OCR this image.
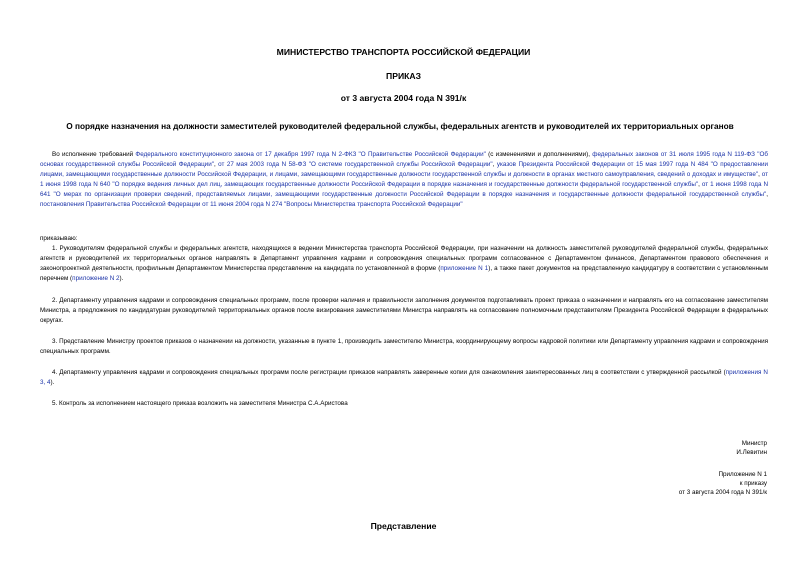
МИНИСТЕРСТВО ТРАНСПОРТА РОССИЙСКОЙ ФЕДЕРАЦИИ
ПРИКАЗ
от 3 августа 2004 года N 391/к
О порядке назначения на должности заместителей руководителей федеральной службы, федеральных агентств и руководителей их территориальных органов

Во исполнение требований Федерального конституционного закона от 17 декабря 1997 года N 2-ФКЗ "О Правительстве Российской Федерации" (с изменениями и дополнениями), федеральных законов от 31 июля 1995 года N 119-ФЗ "Об основах государственной службы Российской Федерации", от 27 мая 2003 года N 58-ФЗ "О системе государственной службы Российской Федерации", указов Президента Российской Федерации от 15 мая 1997 года N 484 "О предоставлении лицами, замещающими государственные должности Российской Федерации, и лицами, замещающими государственные должности государственной службы и должности в органах местного самоуправления, сведений о доходах и имуществе", от 1 июня 1998 года N 640 "О порядке ведения личных дел лиц, замещающих государственные должности Российской Федерации в порядке назначения и государственные должности федеральной государственной службы", от 1 июня 1998 года N 641 "О мерах по организации проверки сведений, представляемых лицами, замещающими государственные должности Российской Федерации в порядке назначения и государственные должности федеральной государственной службы", постановления Правительства Российской Федерации от 11 июня 2004 года N 274 "Вопросы Министерства транспорта Российской Федерации"

приказываю:

1. Руководителям федеральной службы и федеральных агентств, находящихся в ведении Министерства транспорта Российской Федерации, при назначении на должность заместителей руководителей федеральной службы, федеральных агентств и руководителей их территориальных органов направлять в Департамент управления кадрами и сопровождения специальных программ согласованное с Департаментом финансов, Департаментом правового обеспечения и законопроектной деятельности, профильным Департаментом Министерства представление на кандидата по установленной в форме (приложение N 1), а также пакет документов на представленную кандидатуру в соответствии с установленным перечнем (приложение N 2).

2. Департаменту управления кадрами и сопровождения специальных программ, после проверки наличия и правильности заполнения документов подготавливать проект приказа о назначении и направлять его на согласование заместителям Министра, а предложения по кандидатурам руководителей территориальных органов после визирования заместителями Министра направлять на согласование полномочным представителям Президента Российской Федерации в федеральных округах.

3. Представление Министру проектов приказов о назначении на должности, указанные в пункте 1, производить заместителю Министра, координирующему вопросы кадровой политики или Департаменту управления кадрами и сопровождения специальных программ.

4. Департаменту управления кадрами и сопровождения специальных программ после регистрации приказов направлять заверенные копии для ознакомления заинтересованных лиц в соответствии с утвержденной рассылкой (приложения N 3, 4).

5. Контроль за исполнением настоящего приказа возложить на заместителя Министра С.А.Аристова

Министр
И.Левитин
Приложение N 1
к приказу
от 3 августа 2004 года N 391/к
Представление
